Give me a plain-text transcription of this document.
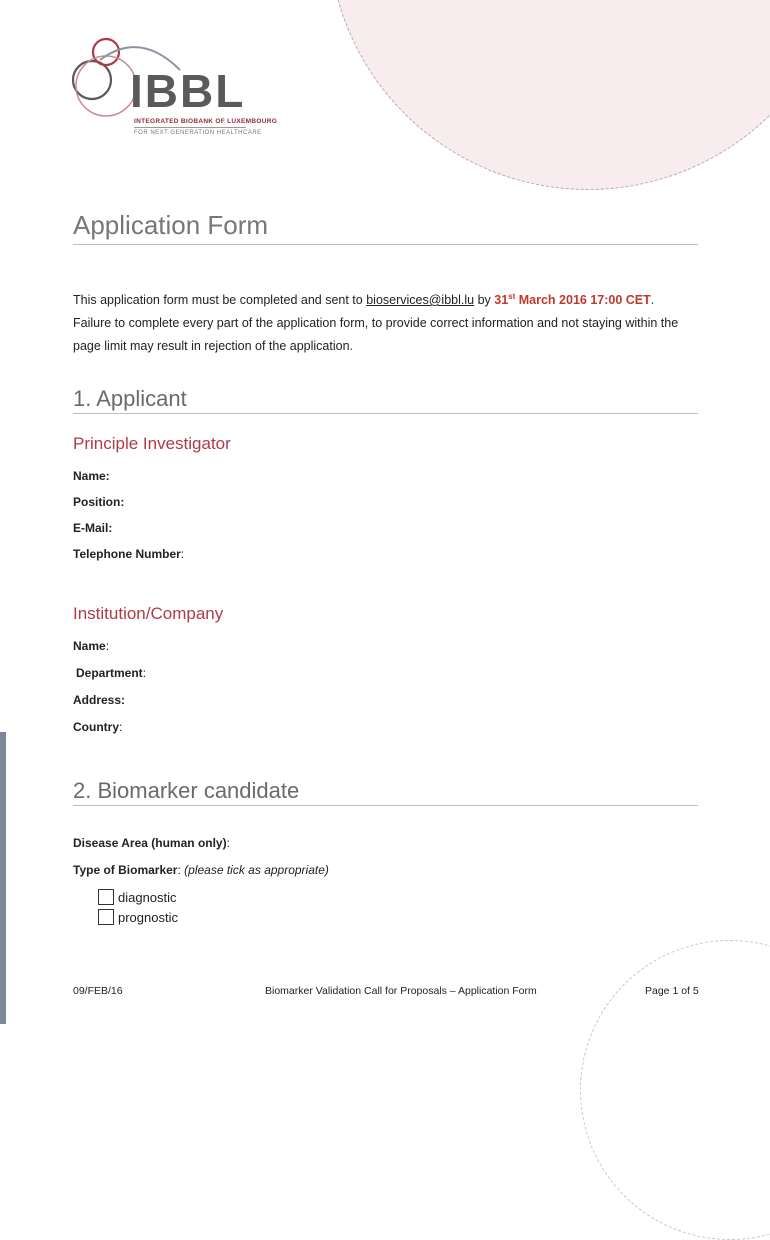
IBBL
INTEGRATED BIOBANK OF LUXEMBOURG
FOR NEXT GENERATION HEALTHCARE
Application Form
This application form must be completed and sent to bioservices@ibbl.lu by 31st March 2016 17:00 CET.
Failure to complete every part of the application form, to provide correct information and not staying within the page limit may result in rejection of the application.
1. Applicant
Principle Investigator
Name:
Position:
E-Mail:
Telephone Number:
Institution/Company
Name:
Department:
Address:
Country:
2. Biomarker candidate
Disease Area (human only):
Type of Biomarker: (please tick as appropriate)
diagnostic
prognostic
09/FEB/16	Biomarker Validation Call for Proposals – Application Form	Page 1 of 5
